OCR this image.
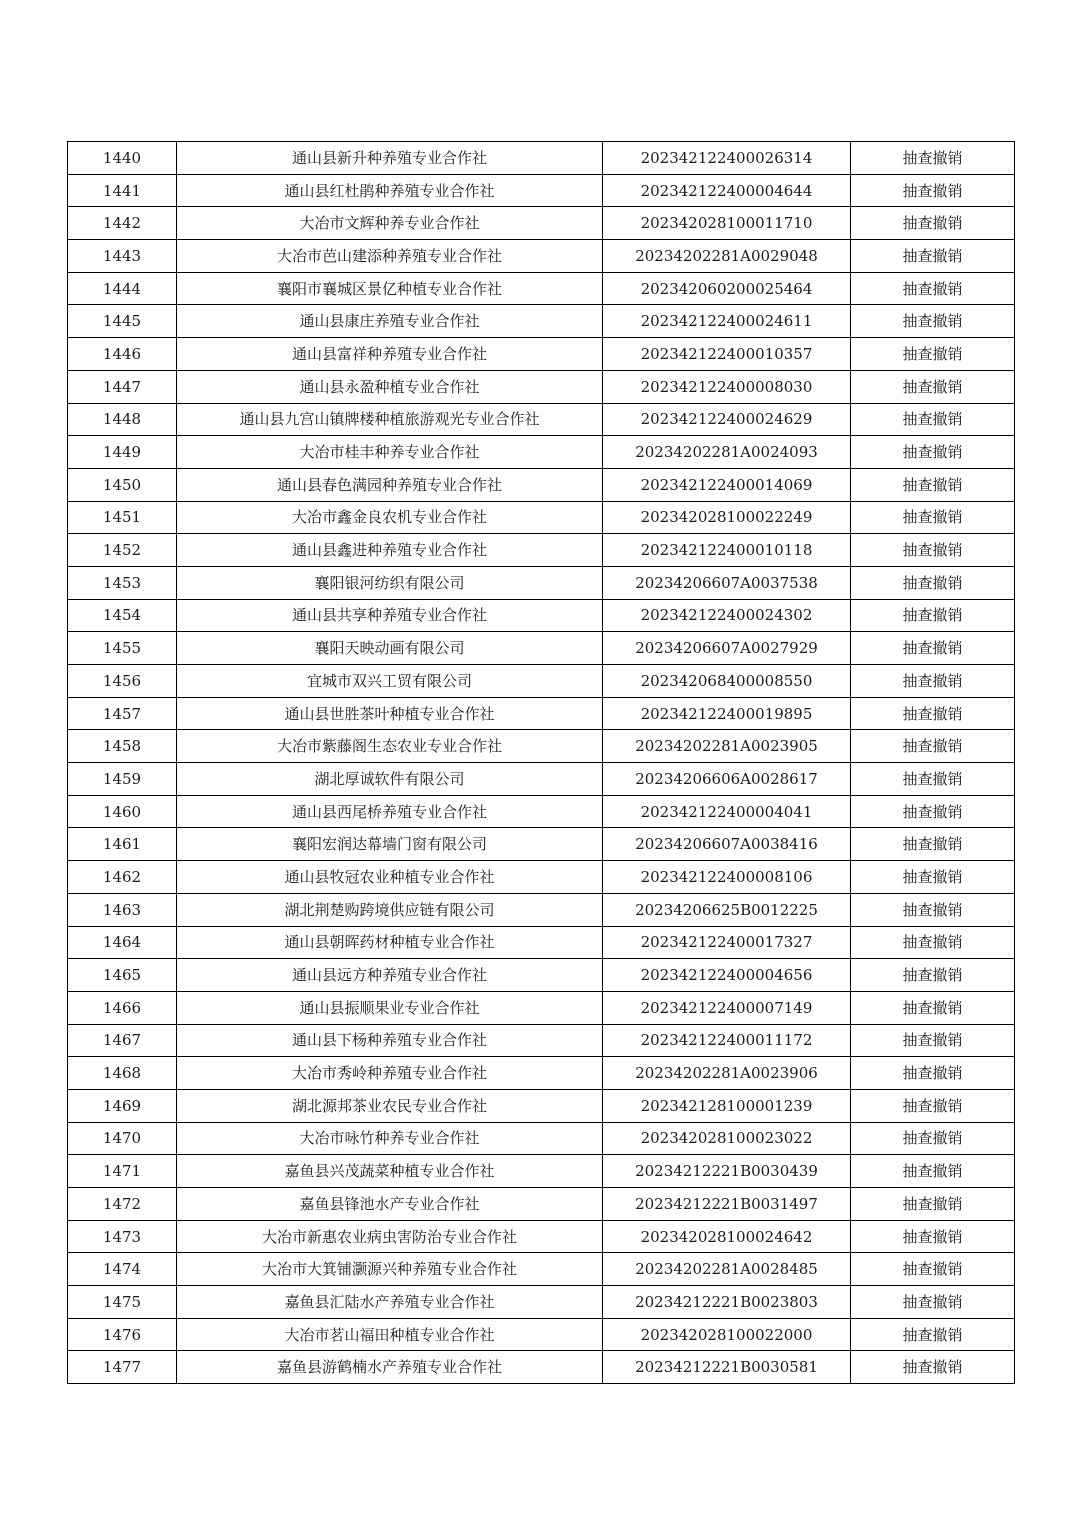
1440	通山县新升种养殖专业合作社	202342122400026314	抽查撤销
1441	通山县红杜鹃种养殖专业合作社	202342122400004644	抽查撤销
1442	大冶市文辉种养专业合作社	202342028100011710	抽查撤销
1443	大冶市芭山建添种养殖专业合作社	20234202281A0029048	抽查撤销
1444	襄阳市襄城区景亿种植专业合作社	202342060200025464	抽查撤销
1445	通山县康庄养殖专业合作社	202342122400024611	抽查撤销
1446	通山县富祥种养殖专业合作社	202342122400010357	抽查撤销
1447	通山县永盈种植专业合作社	202342122400008030	抽查撤销
1448	通山县九宫山镇牌楼种植旅游观光专业合作社	202342122400024629	抽查撤销
1449	大冶市桂丰种养专业合作社	20234202281A0024093	抽查撤销
1450	通山县春色满园种养殖专业合作社	202342122400014069	抽查撤销
1451	大冶市鑫金良农机专业合作社	202342028100022249	抽查撤销
1452	通山县鑫进种养殖专业合作社	202342122400010118	抽查撤销
1453	襄阳银河纺织有限公司	20234206607A0037538	抽查撤销
1454	通山县共享种养殖专业合作社	202342122400024302	抽查撤销
1455	襄阳天映动画有限公司	20234206607A0027929	抽查撤销
1456	宜城市双兴工贸有限公司	202342068400008550	抽查撤销
1457	通山县世胜茶叶种植专业合作社	202342122400019895	抽查撤销
1458	大冶市紫藤阁生态农业专业合作社	20234202281A0023905	抽查撤销
1459	湖北厚诚软件有限公司	20234206606A0028617	抽查撤销
1460	通山县西尾桥养殖专业合作社	202342122400004041	抽查撤销
1461	襄阳宏润达幕墙门窗有限公司	20234206607A0038416	抽查撤销
1462	通山县牧冠农业种植专业合作社	202342122400008106	抽查撤销
1463	湖北荆楚购跨境供应链有限公司	20234206625B0012225	抽查撤销
1464	通山县朝晖药材种植专业合作社	202342122400017327	抽查撤销
1465	通山县远方种养殖专业合作社	202342122400004656	抽查撤销
1466	通山县振顺果业专业合作社	202342122400007149	抽查撤销
1467	通山县下杨种养殖专业合作社	202342122400011172	抽查撤销
1468	大冶市秀岭种养殖专业合作社	20234202281A0023906	抽查撤销
1469	湖北源邦茶业农民专业合作社	202342128100001239	抽查撤销
1470	大冶市咏竹种养专业合作社	202342028100023022	抽查撤销
1471	嘉鱼县兴茂蔬菜种植专业合作社	20234212221B0030439	抽查撤销
1472	嘉鱼县锋池水产专业合作社	20234212221B0031497	抽查撤销
1473	大冶市新惠农业病虫害防治专业合作社	202342028100024642	抽查撤销
1474	大冶市大箕铺灏源兴种养殖专业合作社	20234202281A0028485	抽查撤销
1475	嘉鱼县汇陆水产养殖专业合作社	20234212221B0023803	抽查撤销
1476	大冶市茗山福田种植专业合作社	202342028100022000	抽查撤销
1477	嘉鱼县游鹤楠水产养殖专业合作社	20234212221B0030581	抽查撤销
